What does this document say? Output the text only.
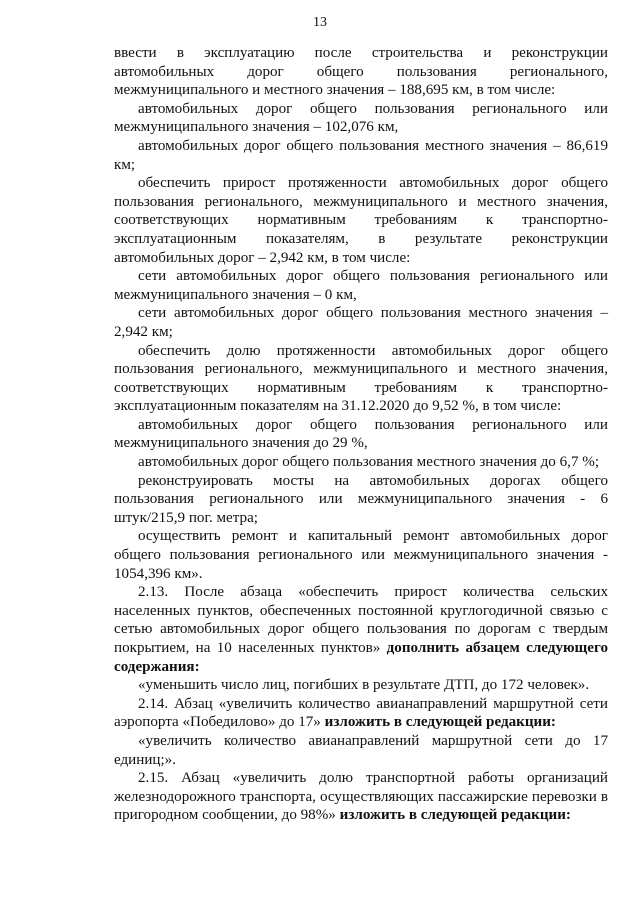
13

ввести в эксплуатацию после строительства и реконструкции автомобильных дорог общего пользования регионального, межмуниципального и местного значения – 188,695 км, в том числе:

автомобильных дорог общего пользования регионального или межмуниципального значения – 102,076 км,

автомобильных дорог общего пользования местного значения – 86,619 км;

обеспечить прирост протяженности автомобильных дорог общего пользования регионального, межмуниципального и местного значения, соответствующих нормативным требованиям к транспортно-эксплуатационным показателям, в результате реконструкции автомобильных дорог – 2,942 км, в том числе:

сети автомобильных дорог общего пользования регионального или межмуниципального значения – 0 км,

сети автомобильных дорог общего пользования местного значения – 2,942 км;

обеспечить долю протяженности автомобильных дорог общего пользования регионального, межмуниципального и местного значения, соответствующих нормативным требованиям к транспортно-эксплуатационным показателям на 31.12.2020 до 9,52 %, в том числе:

автомобильных дорог общего пользования регионального или межмуниципального значения до 29 %,

автомобильных дорог общего пользования местного значения до 6,7 %;

реконструировать мосты на автомобильных дорогах общего пользования регионального или межмуниципального значения - 6 штук/215,9 пог. метра;

осуществить ремонт и капитальный ремонт автомобильных дорог общего пользования регионального или межмуниципального значения - 1054,396 км».

2.13. После абзаца «обеспечить прирост количества сельских населенных пунктов, обеспеченных постоянной круглогодичной связью с сетью автомобильных дорог общего пользования по дорогам с твердым покрытием, на 10 населенных пунктов» дополнить абзацем следующего содержания:

«уменьшить число лиц, погибших в результате ДТП, до 172 человек».

2.14. Абзац «увеличить количество авианаправлений маршрутной сети аэропорта «Победилово» до 17» изложить в следующей редакции:

«увеличить количество авианаправлений маршрутной сети до 17 единиц;».

2.15. Абзац «увеличить долю транспортной работы организаций железнодорожного транспорта, осуществляющих пассажирские перевозки в пригородном сообщении, до 98%» изложить в следующей редакции:
